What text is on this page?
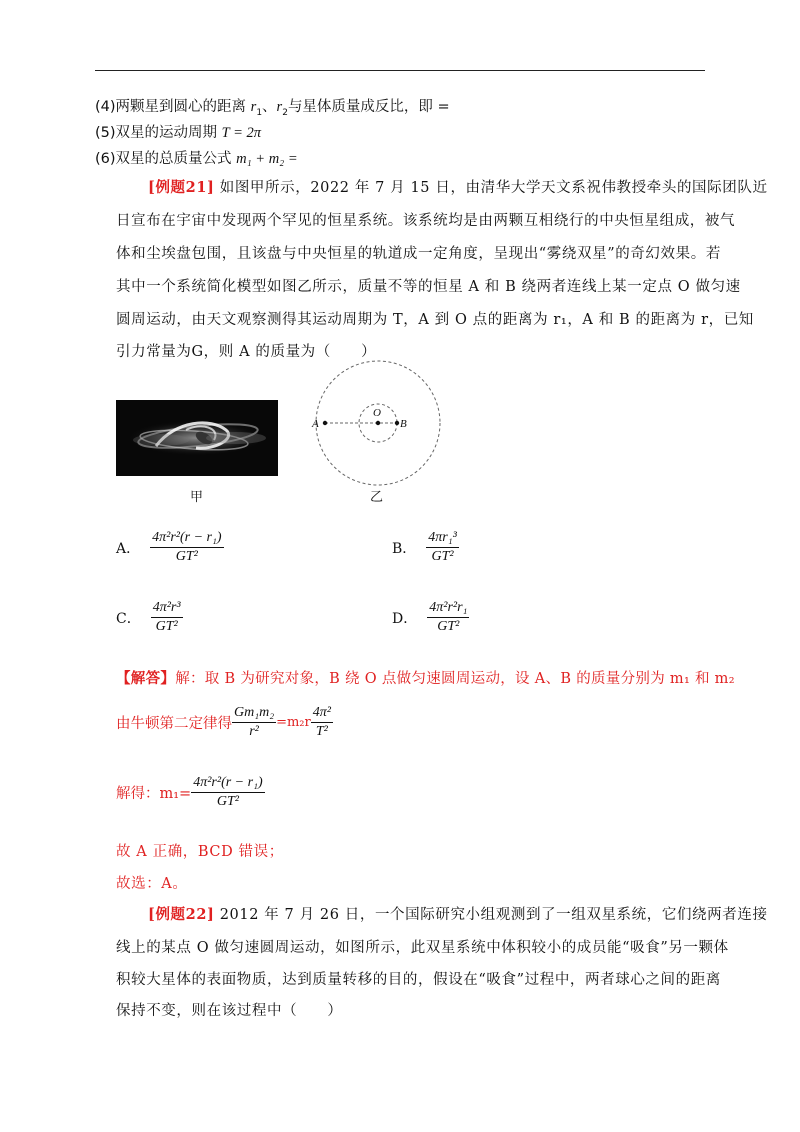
(4)两颗星到圆心的距离 $r_1$、$r_2$与星体质量成反比，即 =
(5)双星的运动周期 T = 2π
(6)双星的总质量公式 m₁ + m₂ =
[例题21] 如图甲所示，2022 年 7 月 15 日，由清华大学天文系祝伟教授牵头的国际团队近
日宣布在宇宙中发现两个罕见的恒星系统。该系统均是由两颗互相绕行的中央恒星组成，被气
体和尘埃盘包围，且该盘与中央恒星的轨道成一定角度，呈现出“雾绕双星”的奇幻效果。若
其中一个系统简化模型如图乙所示，质量不等的恒星 A 和 B 绕两者连线上某一定点 O 做匀速
圆周运动，由天文观察测得其运动周期为 T，A 到 O 点的距离为 r₁，A 和 B 的距离为 r，已知
引力常量为G，则 A 的质量为（　　）
甲
A
O
B
乙
A． $\frac{\text{4π²r²(r − r₁)}}{\text{GT²}}$	B． $\frac{\text{4πr₁³}}{\text{GT²}}$
C． $\frac{\text{4π²r³}}{\text{GT²}}$	D． $\frac{\text{4π²r²r₁}}{\text{GT²}}$
【解答】解：取 B 为研究对象，B 绕 O 点做匀速圆周运动，设 A、B 的质量分别为 m₁ 和 m₂
由牛顿第二定律得 $\frac{\text{Gm₁m₂}}{\text{r²}} =m_2r \frac{\text{4π²}}{\text{T²}}$
解得：$m_1= \frac{\text{4π²r²(r − r₁)}}{\text{GT²}}$
故 A 正确，BCD 错误；
故选：A。
[例题22] 2012 年 7 月 26 日，一个国际研究小组观测到了一组双星系统，它们绕两者连接
线上的某点 O 做匀速圆周运动，如图所示，此双星系统中体积较小的成员能“吸食”另一颗体
积较大星体的表面物质，达到质量转移的目的，假设在“吸食”过程中，两者球心之间的距离
保持不变，则在该过程中（　　）
